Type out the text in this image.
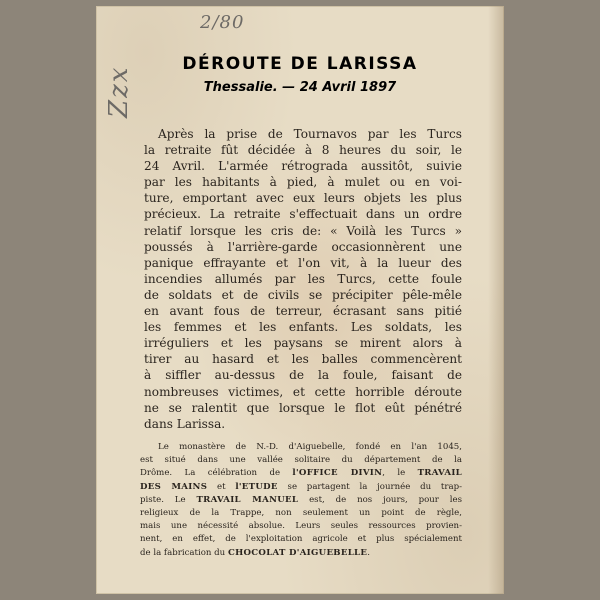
2/80
Zzx
DÉROUTE DE LARISSA
Thessalie. — 24 Avril 1897
Après la prise de Tournavos par les Turcs
la retraite fût décidée à 8 heures du soir, le
24 Avril. L'armée rétrograda aussitôt, suivie
par les habitants à pied, à mulet ou en voi-
ture, emportant avec eux leurs objets les plus
précieux. La retraite s'effectuait dans un ordre
relatif lorsque les cris de: « Voilà les Turcs »
poussés à l'arrière-garde occasionnèrent une
panique effrayante et l'on vit, à la lueur des
incendies allumés par les Turcs, cette foule
de soldats et de civils se précipiter pêle-mêle
en avant fous de terreur, écrasant sans pitié
les femmes et les enfants. Les soldats, les
irréguliers et les paysans se mirent alors à
tirer au hasard et les balles commencèrent
à siffler au-dessus de la foule, faisant de
nombreuses victimes, et cette horrible déroute
ne se ralentit que lorsque le flot eût pénétré
dans Larissa.
Le monastère de N.-D. d'Aiguebelle, fondé en l'an 1045,
est situé dans une vallée solitaire du département de la
Drôme. La célébration de l'OFFICE DIVIN, le TRAVAIL
DES MAINS et l'ETUDE se partagent la journée du trap-
piste. Le TRAVAIL MANUEL est, de nos jours, pour les
religieux de la Trappe, non seulement un point de règle,
mais une nécessité absolue. Leurs seules ressources provien-
nent, en effet, de l'exploitation agricole et plus spécialement
de la fabrication du CHOCOLAT D'AIGUEBELLE.
